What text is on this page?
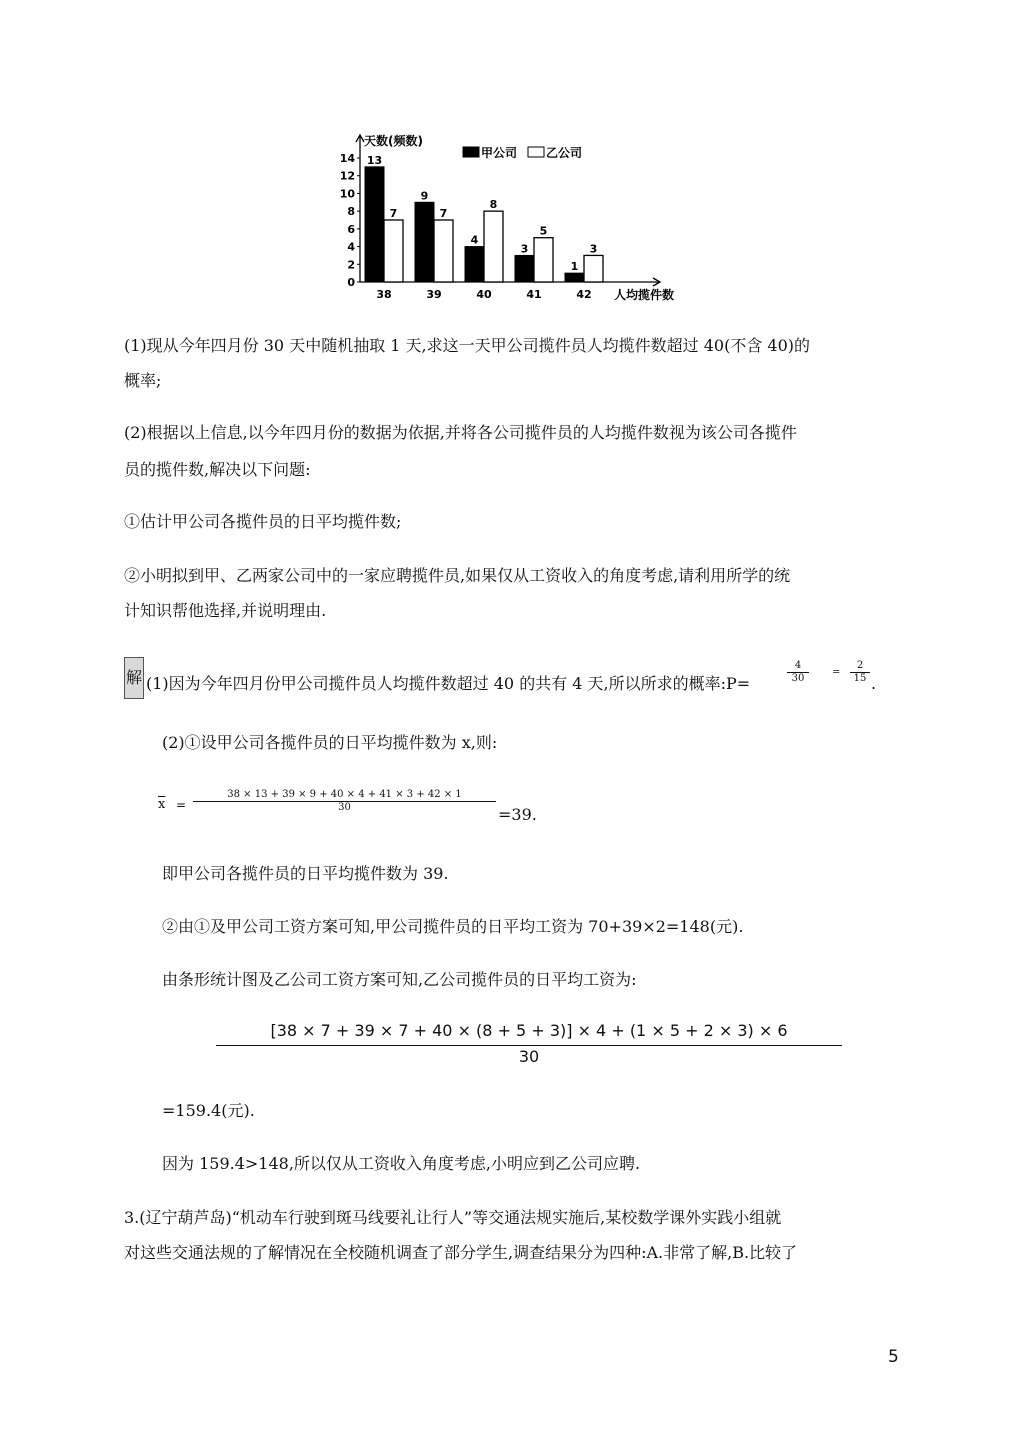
0
2
4
6
8
10
12
14
天数(频数)
甲公司 乙公司
13
7
38
9
7
39
4
8
40
3
5
41
1
3
42 人均揽件数
(1)现从今年四月份 30 天中随机抽取 1 天,求这一天甲公司揽件员人均揽件数超过 40(不含 40)的
概率;
(2)根据以上信息,以今年四月份的数据为依据,并将各公司揽件员的人均揽件数视为该公司各揽件
员的揽件数,解决以下问题:
①估计甲公司各揽件员的日平均揽件数;
②小明拟到甲、乙两家公司中的一家应聘揽件员,如果仅从工资收入的角度考虑,请利用所学的统
计知识帮他选择,并说明理由.
解 (1)因为今年四月份甲公司揽件员人均揽件数超过 40 的共有 4 天,所以所求的概率:P=
4
30
=
2
15 .
(2)①设甲公司各揽件员的日平均揽件数为 x,则:
$\overline{x}$ =
38 × 13 + 39 × 9 + 40 × 4 + 41 × 3 + 42 × 1
30	=39.
即甲公司各揽件员的日平均揽件数为 39.
②由①及甲公司工资方案可知,甲公司揽件员的日平均工资为 70+39×2=148(元).
由条形统计图及乙公司工资方案可知,乙公司揽件员的日平均工资为:
[38 × 7 + 39 × 7 + 40 × (8 + 5 + 3)] × 4 + (1 × 5 + 2 × 3) × 6
30
=159.4(元).
因为 159.4>148,所以仅从工资收入角度考虑,小明应到乙公司应聘.
3.(辽宁葫芦岛)“机动车行驶到斑马线要礼让行人”等交通法规实施后,某校数学课外实践小组就
对这些交通法规的了解情况在全校随机调查了部分学生,调查结果分为四种:A.非常了解,B.比较了
5
